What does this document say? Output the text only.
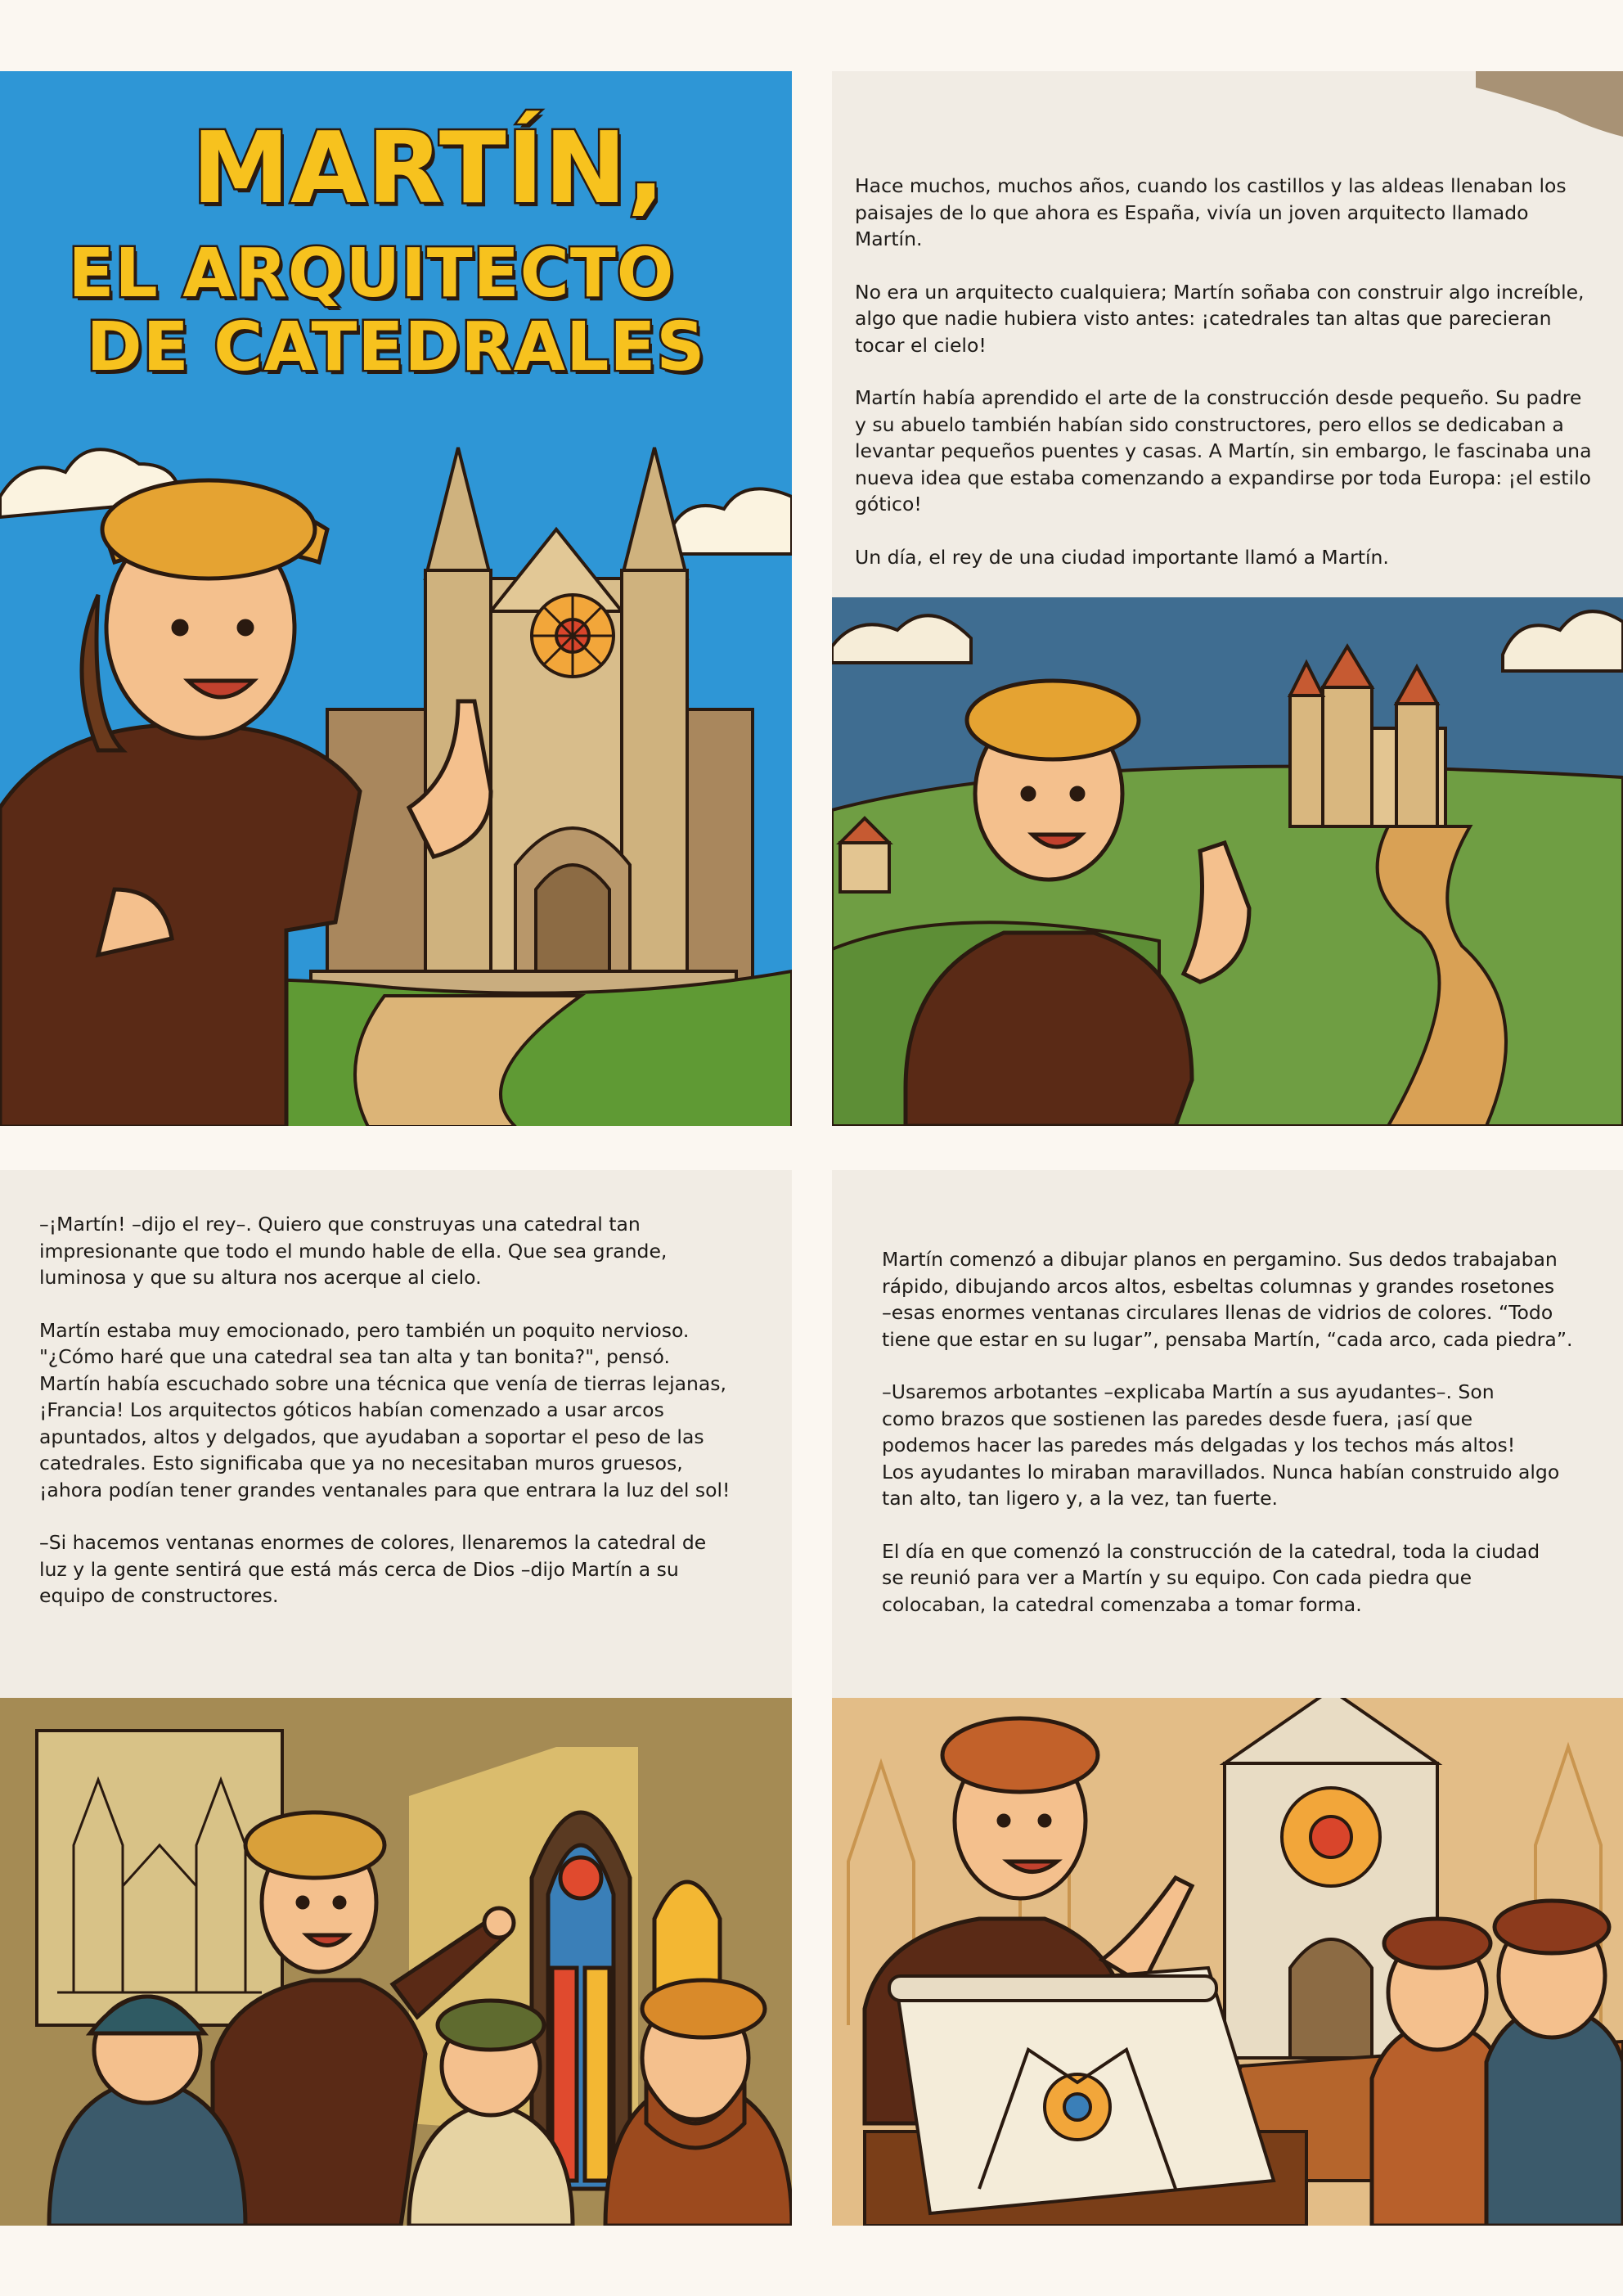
MARTÍN,
EL ARQUITECTO
DE CATEDRALES

Hace muchos, muchos años, cuando los castillos y las aldeas llenaban los
paisajes de lo que ahora es España, vivía un joven arquitecto llamado
Martín.

No era un arquitecto cualquiera; Martín soñaba con construir algo increíble,
algo que nadie hubiera visto antes: ¡catedrales tan altas que parecieran
tocar el cielo!

Martín había aprendido el arte de la construcción desde pequeño. Su padre
y su abuelo también habían sido constructores, pero ellos se dedicaban a
levantar pequeños puentes y casas. A Martín, sin embargo, le fascinaba una
nueva idea que estaba comenzando a expandirse por toda Europa: ¡el estilo
gótico!

Un día, el rey de una ciudad importante llamó a Martín.

–¡Martín! –dijo el rey–. Quiero que construyas una catedral tan
impresionante que todo el mundo hable de ella. Que sea grande,
luminosa y que su altura nos acerque al cielo.

Martín estaba muy emocionado, pero también un poquito nervioso.
"¿Cómo haré que una catedral sea tan alta y tan bonita?", pensó.
Martín había escuchado sobre una técnica que venía de tierras lejanas,
¡Francia! Los arquitectos góticos habían comenzado a usar arcos
apuntados, altos y delgados, que ayudaban a soportar el peso de las
catedrales. Esto significaba que ya no necesitaban muros gruesos,
¡ahora podían tener grandes ventanales para que entrara la luz del sol!

–Si hacemos ventanas enormes de colores, llenaremos la catedral de
luz y la gente sentirá que está más cerca de Dios –dijo Martín a su
equipo de constructores.

Martín comenzó a dibujar planos en pergamino. Sus dedos trabajaban
rápido, dibujando arcos altos, esbeltas columnas y grandes rosetones
–esas enormes ventanas circulares llenas de vidrios de colores. “Todo
tiene que estar en su lugar”, pensaba Martín, “cada arco, cada piedra”.

–Usaremos arbotantes –explicaba Martín a sus ayudantes–. Son
como brazos que sostienen las paredes desde fuera, ¡así que
podemos hacer las paredes más delgadas y los techos más altos!
Los ayudantes lo miraban maravillados. Nunca habían construido algo
tan alto, tan ligero y, a la vez, tan fuerte.

El día en que comenzó la construcción de la catedral, toda la ciudad
se reunió para ver a Martín y su equipo. Con cada piedra que
colocaban, la catedral comenzaba a tomar forma.
